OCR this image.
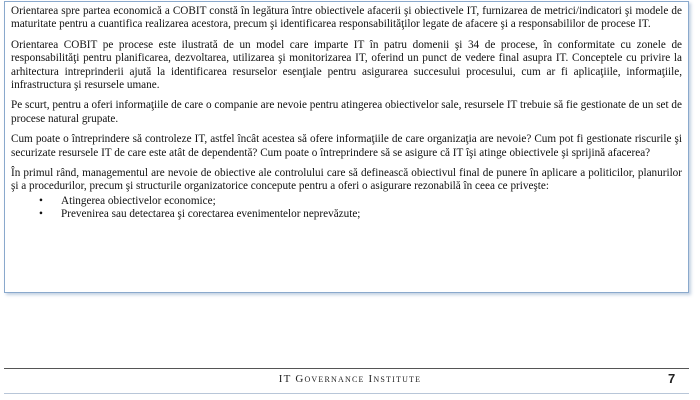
Orientarea spre partea economică a COBIT constă în legătura între obiectivele afacerii şi obiectivele IT, furnizarea de metrici/indicatori şi modele de maturitate pentru a cuantifica realizarea acestora, precum şi identificarea responsabilităţilor legate de afacere şi a responsabililor de procese IT.

Orientarea COBIT pe procese este ilustrată de un model care imparte IT în patru domenii şi 34 de procese, în conformitate cu zonele de responsabilităţi pentru planificarea, dezvoltarea, utilizarea şi monitorizarea IT, oferind un punct de vedere final asupra IT. Conceptele cu privire la arhitectura intreprinderii ajută la identificarea resurselor esenţiale pentru asigurarea succesului procesului, cum ar fi aplicaţiile, informaţiile, infrastructura şi resursele umane.

Pe scurt, pentru a oferi informaţiile de care o companie are nevoie pentru atingerea obiectivelor sale, resursele IT trebuie să fie gestionate de un set de procese natural grupate.

Cum poate o întreprindere să controleze IT, astfel încât acestea să ofere informaţiile de care organizaţia are nevoie? Cum pot fi gestionate riscurile şi securizate resursele IT de care este atât de dependentă? Cum poate o întreprindere să se asigure că IT îşi atinge obiectivele şi sprijină afacerea?

În primul rând, managementul are nevoie de obiective ale controlului care să definească obiectivul final de punere în aplicare a politicilor, planurilor şi a procedurilor, precum şi structurile organizatorice concepute pentru a oferi o asigurare rezonabilă în ceea ce priveşte:

• Atingerea obiectivelor economice;
• Prevenirea sau detectarea şi corectarea evenimentelor neprevăzute;
IT Governance Institute	7
